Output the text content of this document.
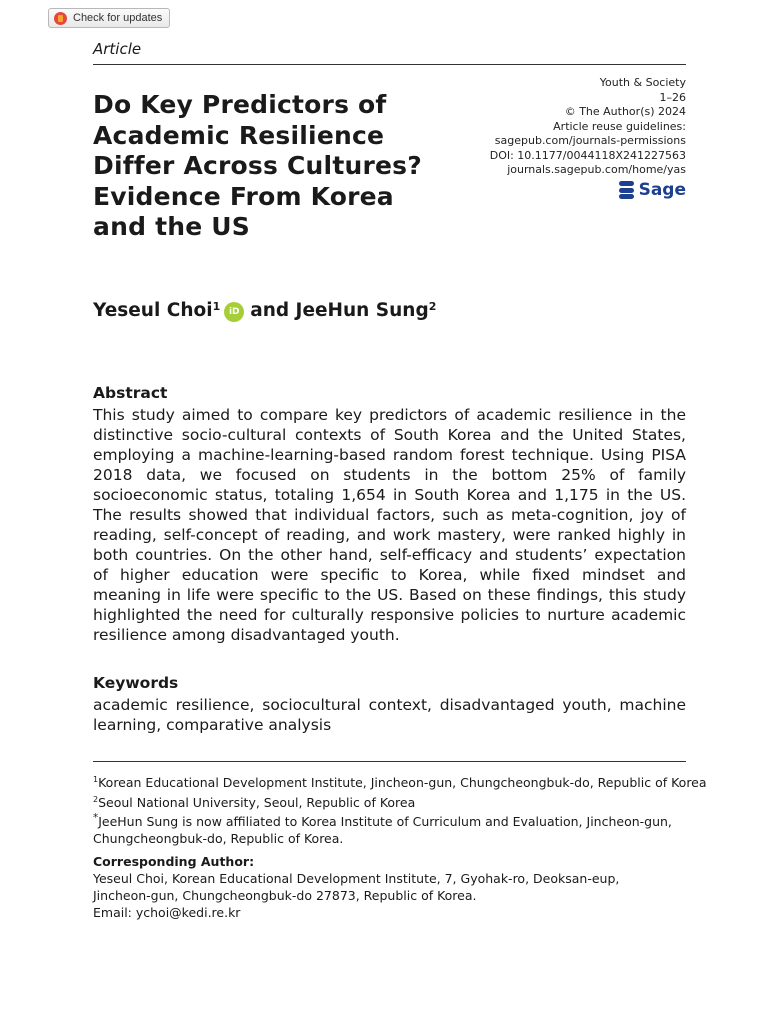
Check for updates
Article
Youth & Society
1–26
© The Author(s) 2024
Article reuse guidelines:
sagepub.com/journals-permissions
DOI: 10.1177/0044118X241227563
journals.sagepub.com/home/yas
Sage
Do Key Predictors of
Academic Resilience
Differ Across Cultures?
Evidence From Korea
and the US
Yeseul Choi$^1$ iD and JeeHun Sung$^2$
Abstract
This study aimed to compare key predictors of academic resilience in the distinctive socio-cultural contexts of South Korea and the United States, employing a machine-learning-based random forest technique. Using PISA 2018 data, we focused on students in the bottom 25% of family socioeconomic status, totaling 1,654 in South Korea and 1,175 in the US. The results showed that individual factors, such as meta-cognition, joy of reading, self-concept of reading, and work mastery, were ranked highly in both countries. On the other hand, self-efficacy and students’ expectation of higher education were specific to Korea, while fixed mindset and meaning in life were specific to the US. Based on these findings, this study highlighted the need for culturally responsive policies to nurture academic resilience among disadvantaged youth.
Keywords
academic resilience, sociocultural context, disadvantaged youth, machine learning, comparative analysis
$^1$Korean Educational Development Institute, Jincheon-gun, Chungcheongbuk-do, Republic of Korea
$^2$Seoul National University, Seoul, Republic of Korea
*JeeHun Sung is now affiliated to Korea Institute of Curriculum and Evaluation, Jincheon-gun, Chungcheongbuk-do, Republic of Korea.
Corresponding Author:
Yeseul Choi, Korean Educational Development Institute, 7, Gyohak-ro, Deoksan-eup,
Jincheon-gun, Chungcheongbuk-do 27873, Republic of Korea.
Email: ychoi@kedi.re.kr
